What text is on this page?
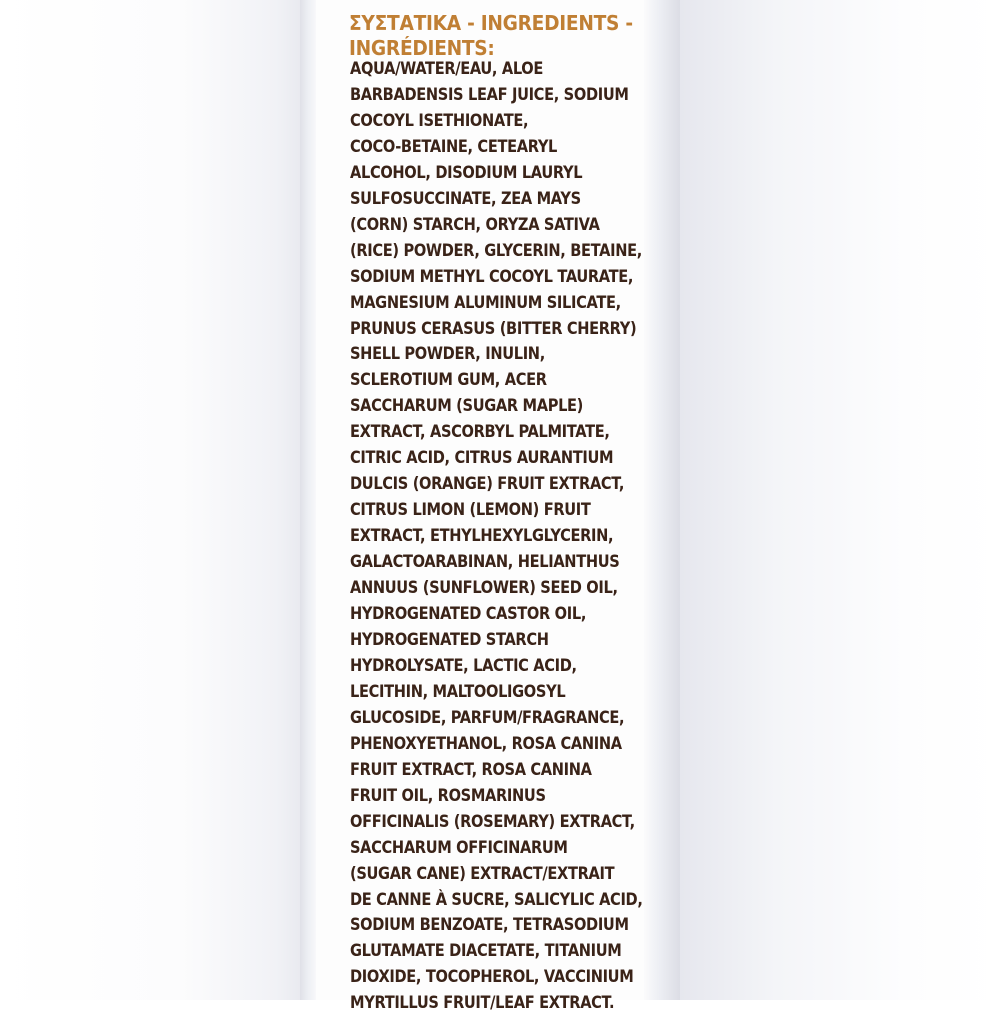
ΣΥΣΤΑΤΙΚΑ - INGREDIENTS -
INGRÉDIENTS:
AQUA/WATER/EAU, ALOE
BARBADENSIS LEAF JUICE, SODIUM
COCOYL ISETHIONATE,
COCO-BETAINE, CETEARYL
ALCOHOL, DISODIUM LAURYL
SULFOSUCCINATE, ZEA MAYS
(CORN) STARCH, ORYZA SATIVA
(RICE) POWDER, GLYCERIN, BETAINE,
SODIUM METHYL COCOYL TAURATE,
MAGNESIUM ALUMINUM SILICATE,
PRUNUS CERASUS (BITTER CHERRY)
SHELL POWDER, INULIN,
SCLEROTIUM GUM, ACER
SACCHARUM (SUGAR MAPLE)
EXTRACT, ASCORBYL PALMITATE,
CITRIC ACID, CITRUS AURANTIUM
DULCIS (ORANGE) FRUIT EXTRACT,
CITRUS LIMON (LEMON) FRUIT
EXTRACT, ETHYLHEXYLGLYCERIN,
GALACTOARABINAN, HELIANTHUS
ANNUUS (SUNFLOWER) SEED OIL,
HYDROGENATED CASTOR OIL,
HYDROGENATED STARCH
HYDROLYSATE, LACTIC ACID,
LECITHIN, MALTOOLIGOSYL
GLUCOSIDE, PARFUM/FRAGRANCE,
PHENOXYETHANOL, ROSA CANINA
FRUIT EXTRACT, ROSA CANINA
FRUIT OIL, ROSMARINUS
OFFICINALIS (ROSEMARY) EXTRACT,
SACCHARUM OFFICINARUM
(SUGAR CANE) EXTRACT/EXTRAIT
DE CANNE À SUCRE, SALICYLIC ACID,
SODIUM BENZOATE, TETRASODIUM
GLUTAMATE DIACETATE, TITANIUM
DIOXIDE, TOCOPHEROL, VACCINIUM
MYRTILLUS FRUIT/LEAF EXTRACT.
